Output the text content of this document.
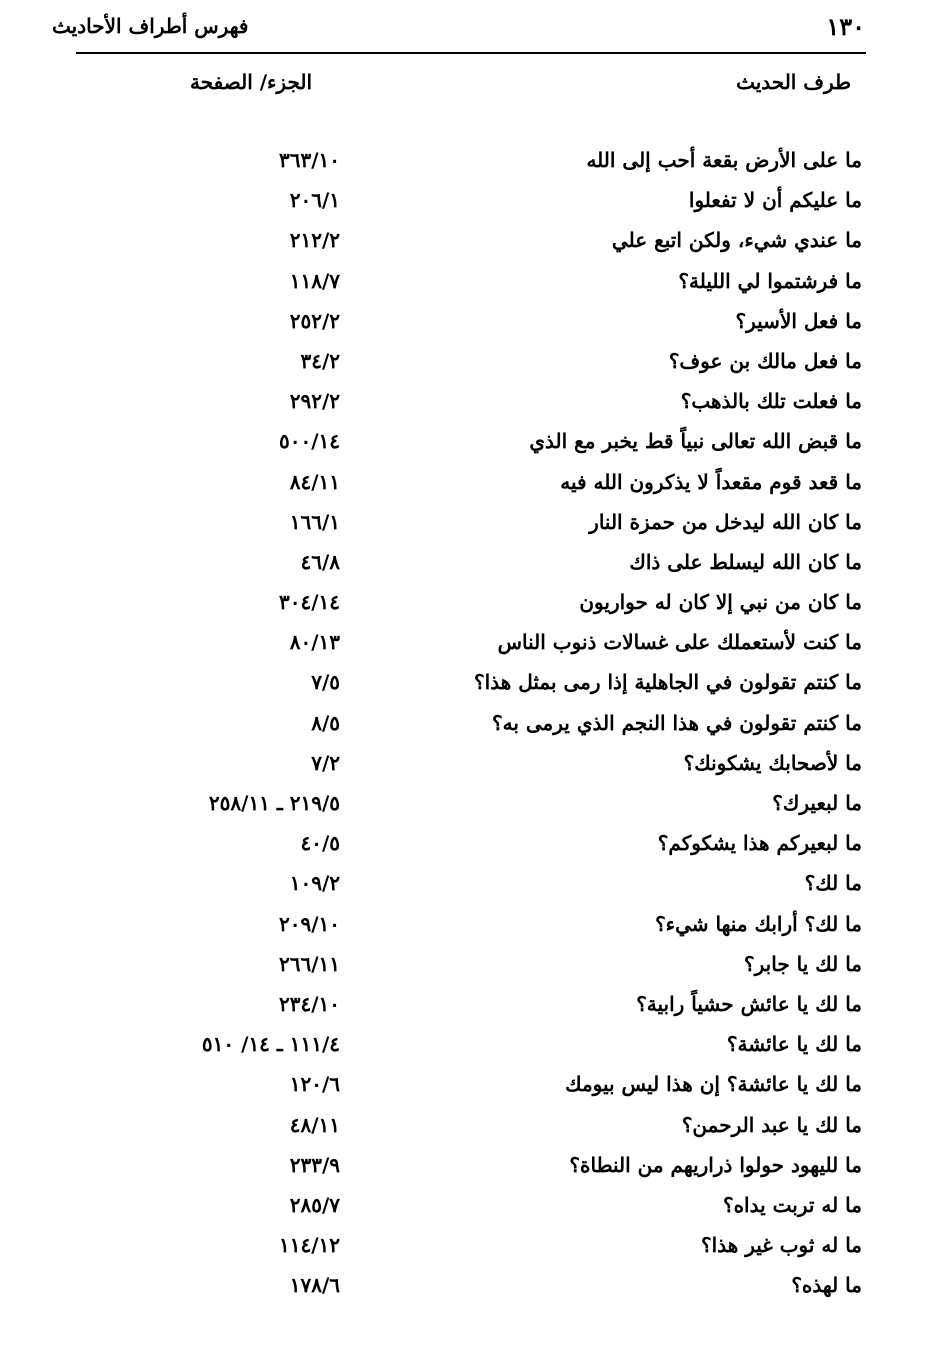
فهرس أطراف الأحاديث	١٣٠
طرف الحديث
الجزء/ الصفحة
ما على الأرض بقعة أحب إلى الله
٣٦٣/١٠
ما عليكم أن لا تفعلوا
٢٠٦/١
ما عندي شيء، ولكن اتبع علي
٢١٢/٢
ما فرشتموا لي الليلة؟
١١٨/٧
ما فعل الأسير؟
٢٥٢/٢
ما فعل مالك بن عوف؟
٣٤/٢
ما فعلت تلك بالذهب؟
٢٩٢/٢
ما قبض الله تعالى نبياً قط يخبر مع الذي
٥٠٠/١٤
ما قعد قوم مقعداً لا يذكرون الله فيه
٨٤/١١
ما كان الله ليدخل من حمزة النار
١٦٦/١
ما كان الله ليسلط على ذاك
٤٦/٨
ما كان من نبي إلا كان له حواريون
٣٠٤/١٤
ما كنت لأستعملك على غسالات ذنوب الناس
٨٠/١٣
ما كنتم تقولون في الجاهلية إذا رمى بمثل هذا؟
٧/٥
ما كنتم تقولون في هذا النجم الذي يرمى به؟
٨/٥
ما لأصحابك يشكونك؟
٧/٢
ما لبعيرك؟
٢١٩/٥ ـ ٢٥٨/١١
ما لبعيركم هذا يشكوكم؟
٤٠/٥
ما لك؟
١٠٩/٢
ما لك؟ أرابك منها شيء؟
٢٠٩/١٠
ما لك يا جابر؟
٢٦٦/١١
ما لك يا عائش حشياً رابية؟
٢٣٤/١٠
ما لك يا عائشة؟
١١١/٤ ـ ١٤/ ٥١٠
ما لك يا عائشة؟ إن هذا ليس بيومك
١٢٠/٦
ما لك يا عبد الرحمن؟
٤٨/١١
ما لليهود حولوا ذراريهم من النطاة؟
٢٣٣/٩
ما له تربت يداه؟
٢٨٥/٧
ما له ثوب غير هذا؟
١١٤/١٢
ما لهذه؟
١٧٨/٦
